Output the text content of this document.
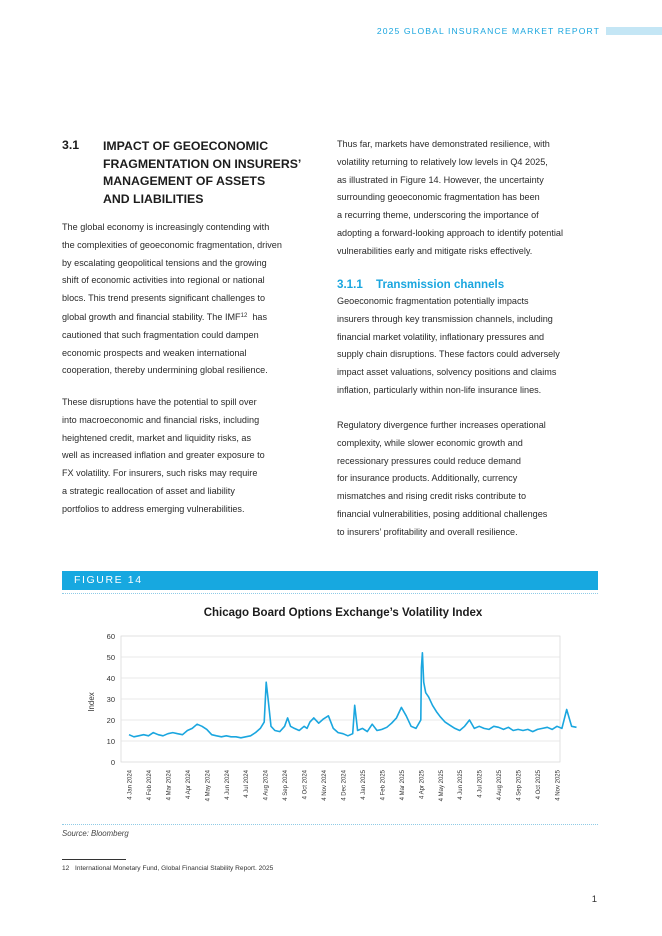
2025 GLOBAL INSURANCE MARKET REPORT
3.1 IMPACT OF GEOECONOMIC
FRAGMENTATION ON INSURERS’
MANAGEMENT OF ASSETS
AND LIABILITIES
The global economy is increasingly contending with
the complexities of geoeconomic fragmentation, driven
by escalating geopolitical tensions and the growing
shift of economic activities into regional or national
blocs. This trend presents significant challenges to
global growth and financial stability. The IMF$^{12}$  has
cautioned that such fragmentation could dampen
economic prospects and weaken international
cooperation, thereby undermining global resilience.
These disruptions have the potential to spill over
into macroeconomic and financial risks, including
heightened credit, market and liquidity risks, as
well as increased inflation and greater exposure to
FX volatility. For insurers, such risks may require
a strategic reallocation of asset and liability
portfolios to address emerging vulnerabilities.
Thus far, markets have demonstrated resilience, with
volatility returning to relatively low levels in Q4 2025,
as illustrated in Figure 14. However, the uncertainty
surrounding geoeconomic fragmentation has been
a recurring theme, underscoring the importance of
adopting a forward-looking approach to identify potential
vulnerabilities early and mitigate risks effectively.
3.1.1 Transmission channels
Geoeconomic fragmentation potentially impacts
insurers through key transmission channels, including
financial market volatility, inflationary pressures and
supply chain disruptions. These factors could adversely
impact asset valuations, solvency positions and claims
inflation, particularly within non-life insurance lines.
Regulatory divergence further increases operational
complexity, while slower economic growth and
recessionary pressures could reduce demand
for insurance products. Additionally, currency
mismatches and rising credit risks contribute to
financial vulnerabilities, posing additional challenges
to insurers’ profitability and overall resilience.
FIGURE 14
Chicago Board Options Exchange’s Volatility Index
0
10
20
30
40
50
60
Index
4 Jan 2024 4 Feb 2024 4 Mar 2024 4 Apr 2024 4 May 2024 4 Jun 2024 4 Jul 2024 4 Aug 2024 4 Sep 2024 4 Oct 2024 4 Nov 2024 4 Dec 2024 4 Jan 2025 4 Feb 2025 4 Mar 2025 4 Apr 2025 4 May 2025 4 Jun 2025 4 Jul 2025 4 Aug 2025 4 Sep 2025 4 Oct 2025 4 Nov 2025
Source: Bloomberg
12 International Monetary Fund, Global Financial Stability Report. 2025
1
